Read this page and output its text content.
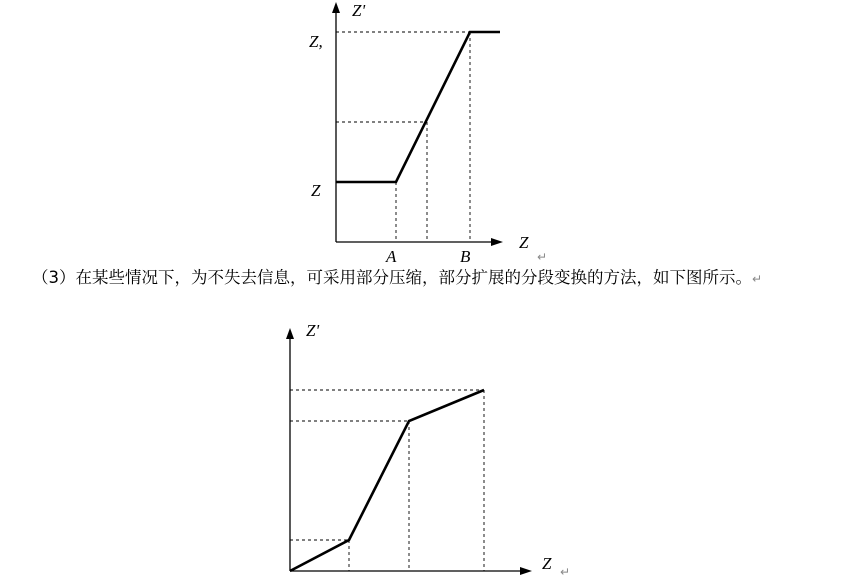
Z'
Z,
Z
A	B
Z
↵
Z'
Z ↵
（3）在某些情况下，为不失去信息，可采用部分压缩，部分扩展的分段变换的方法，如下图所示。↵
